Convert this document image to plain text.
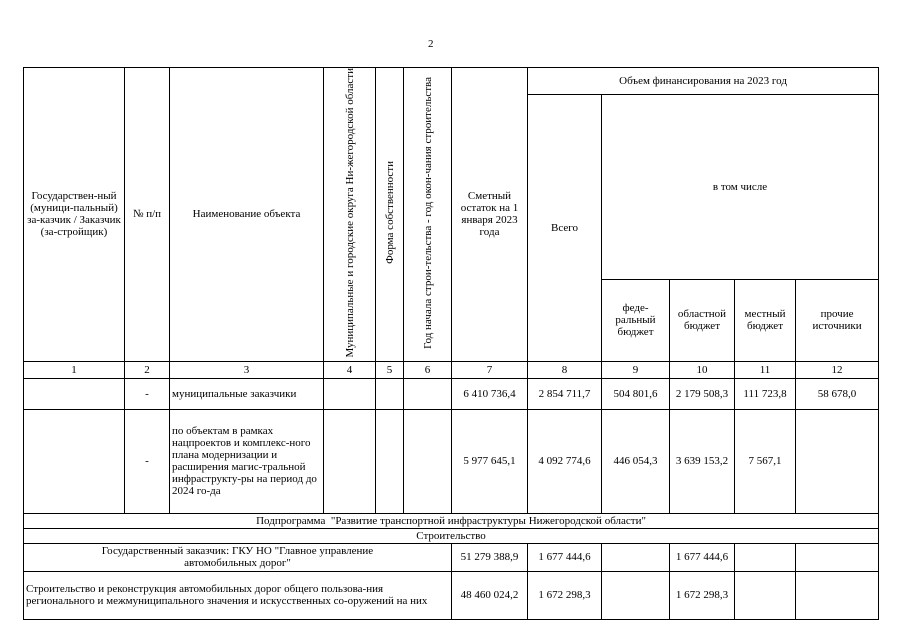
2
Государствен-ный (муници-пальный) за-казчик / Заказчик (за-стройщик)	№ п/п	Наименование объекта	Муниципальные и городские округа Ни-жегородской области	Форма собственности	Год начала строи-тельства - год окон-чания строительства	Сметный остаток на 1 января 2023 года	Объем финансирования на 2023 год				
							Всего	в том числе			
								феде-ральный бюджет	областной бюджет	местный бюджет	прочие источники
1	2	3	4	5	6	7	8	9	10	11	12
	-	муниципальные заказчики				6 410 736,4	2 854 711,7	504 801,6	2 179 508,3	111 723,8	58 678,0
	-	по объектам в рамках нацпроектов и комплекс-ного плана модернизации и расширения магис-тральной инфраструкту-ры на период до 2024 го-да				5 977 645,1	4 092 774,6	446 054,3	3 639 153,2	7 567,1	
Подпрограмма  "Развитие транспортной инфраструктуры Нижегородской области"											
Строительство											
Государственный заказчик: ГКУ НО "Главное управление автомобильных дорог"						51 279 388,9	1 677 444,6		1 677 444,6		
Строительство и реконструкция автомобильных дорог общего пользова-ния регионального и межмуниципального значения и искусственных со-оружений на них						48 460 024,2	1 672 298,3		1 672 298,3		
